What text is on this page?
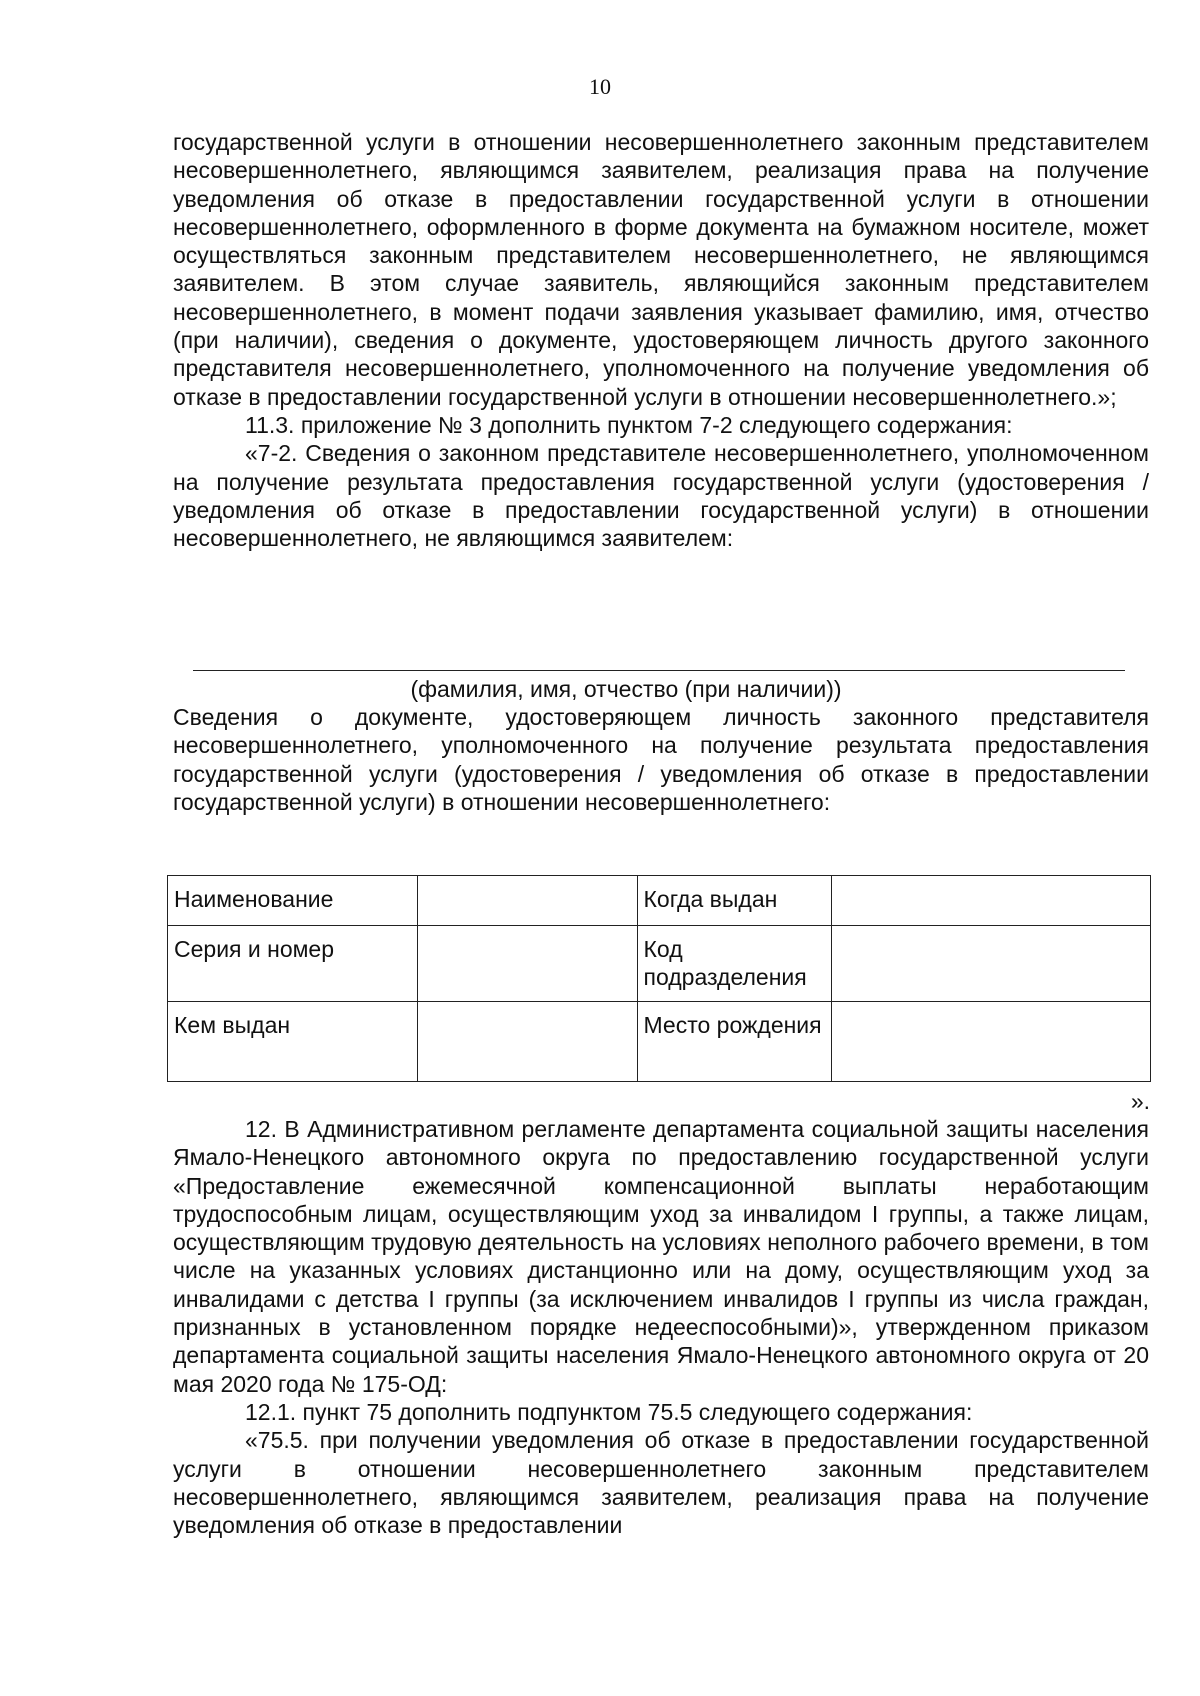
10

государственной услуги в отношении несовершеннолетнего законным представителем несовершеннолетнего, являющимся заявителем, реализация права на получение уведомления об отказе в предоставлении государственной услуги в отношении несовершеннолетнего, оформленного в форме документа на бумажном носителе, может осуществляться законным представителем несовершеннолетнего, не являющимся заявителем. В этом случае заявитель, являющийся законным представителем несовершеннолетнего, в момент подачи заявления указывает фамилию, имя, отчество (при наличии), сведения о документе, удостоверяющем личность другого законного представителя несовершеннолетнего, уполномоченного на получение уведомления об отказе в предоставлении государственной услуги в отношении несовершеннолетнего.»;

11.3. приложение № 3 дополнить пунктом 7-2 следующего содержания:

«7-2. Сведения о законном представителе несовершеннолетнего, уполномоченном на получение результата предоставления государственной услуги (удостоверения / уведомления об отказе в предоставлении государственной услуги) в отношении несовершеннолетнего, не являющимся заявителем:

(фамилия, имя, отчество (при наличии))

Сведения о документе, удостоверяющем личность законного представителя несовершеннолетнего, уполномоченного на получение результата предоставления государственной услуги (удостоверения / уведомления об отказе в предоставлении государственной услуги) в отношении несовершеннолетнего:

Наименование		Когда выдан	
Серия и номер		Код подразделения	
Кем выдан		Место рождения	
».

12. В Административном регламенте департамента социальной защиты населения Ямало-Ненецкого автономного округа по предоставлению государственной услуги «Предоставление ежемесячной компенсационной выплаты неработающим трудоспособным лицам, осуществляющим уход за инвалидом I группы, а также лицам, осуществляющим трудовую деятельность на условиях неполного рабочего времени, в том числе на указанных условиях дистанционно или на дому, осуществляющим уход за инвалидами с детства I группы (за исключением инвалидов I группы из числа граждан, признанных в установленном порядке недееспособными)», утвержденном приказом департамента социальной защиты населения Ямало-Ненецкого автономного округа от 20 мая 2020 года № 175-ОД:

12.1. пункт 75 дополнить подпунктом 75.5 следующего содержания:

«75.5. при получении уведомления об отказе в предоставлении государственной услуги в отношении несовершеннолетнего законным представителем несовершеннолетнего, являющимся заявителем, реализация права на получение уведомления об отказе в предоставлении
